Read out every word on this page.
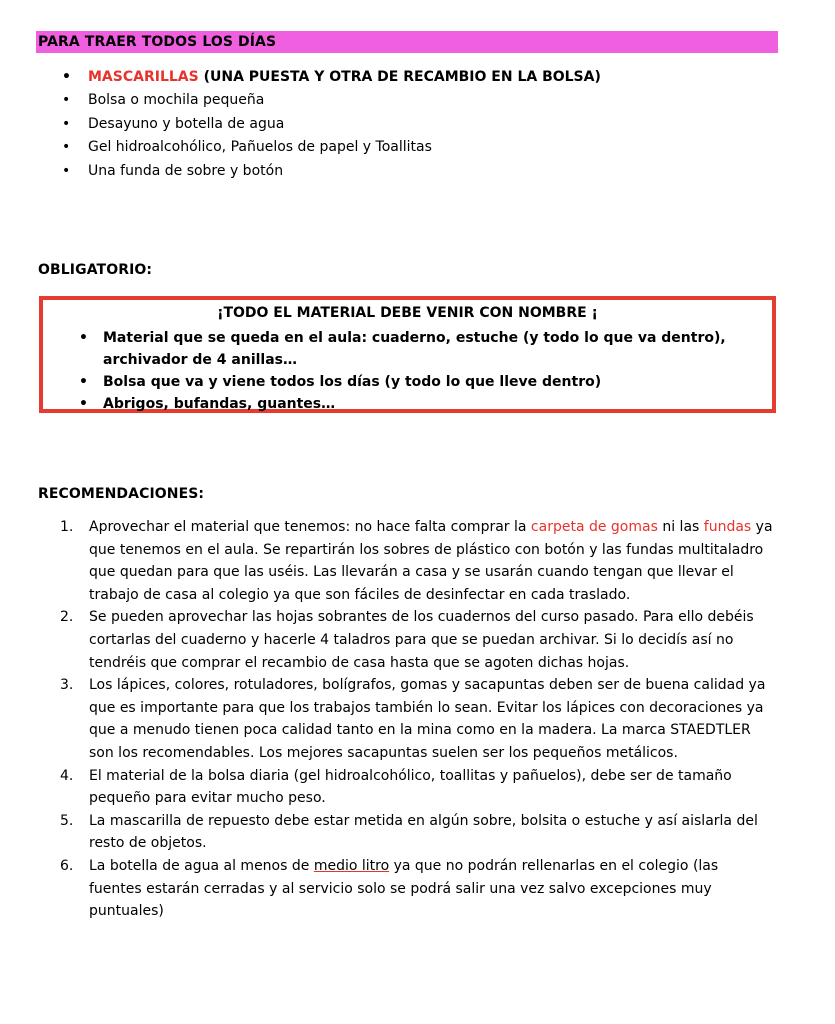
PARA TRAER TODOS LOS DÍAS
• MASCARILLAS (UNA PUESTA Y OTRA DE RECAMBIO EN LA BOLSA)
• Bolsa o mochila pequeña
• Desayuno y botella de agua
• Gel hidroalcohólico, Pañuelos de papel y Toallitas
• Una funda de sobre y botón
OBLIGATORIO:
¡TODO EL MATERIAL DEBE VENIR CON NOMBRE ¡
• Material que se queda en el aula: cuaderno, estuche (y todo lo que va dentro), archivador de 4 anillas…
• Bolsa que va y viene todos los días (y todo lo que lleve dentro)
• Abrigos, bufandas, guantes…
RECOMENDACIONES:
1. Aprovechar el material que tenemos: no hace falta comprar la carpeta de gomas ni las fundas ya que tenemos en el aula. Se repartirán los sobres de plástico con botón y las fundas multitaladro que quedan para que las uséis. Las llevarán a casa y se usarán cuando tengan que llevar el trabajo de casa al colegio ya que son fáciles de desinfectar en cada traslado.
2. Se pueden aprovechar las hojas sobrantes de los cuadernos del curso pasado. Para ello debéis cortarlas del cuaderno y hacerle 4 taladros para que se puedan archivar. Si lo decidís así no tendréis que comprar el recambio de casa hasta que se agoten dichas hojas.
3. Los lápices, colores, rotuladores, bolígrafos, gomas y sacapuntas deben ser de buena calidad ya que es importante para que los trabajos también lo sean. Evitar los lápices con decoraciones ya que a menudo tienen poca calidad tanto en la mina como en la madera. La marca STAEDTLER son los recomendables. Los mejores sacapuntas suelen ser los pequeños metálicos.
4. El material de la bolsa diaria (gel hidroalcohólico, toallitas y pañuelos), debe ser de tamaño pequeño para evitar mucho peso.
5. La mascarilla de repuesto debe estar metida en algún sobre, bolsita o estuche y así aislarla del resto de objetos.
6. La botella de agua al menos de medio litro ya que no podrán rellenarlas en el colegio (las fuentes estarán cerradas y al servicio solo se podrá salir una vez salvo excepciones muy puntuales)
